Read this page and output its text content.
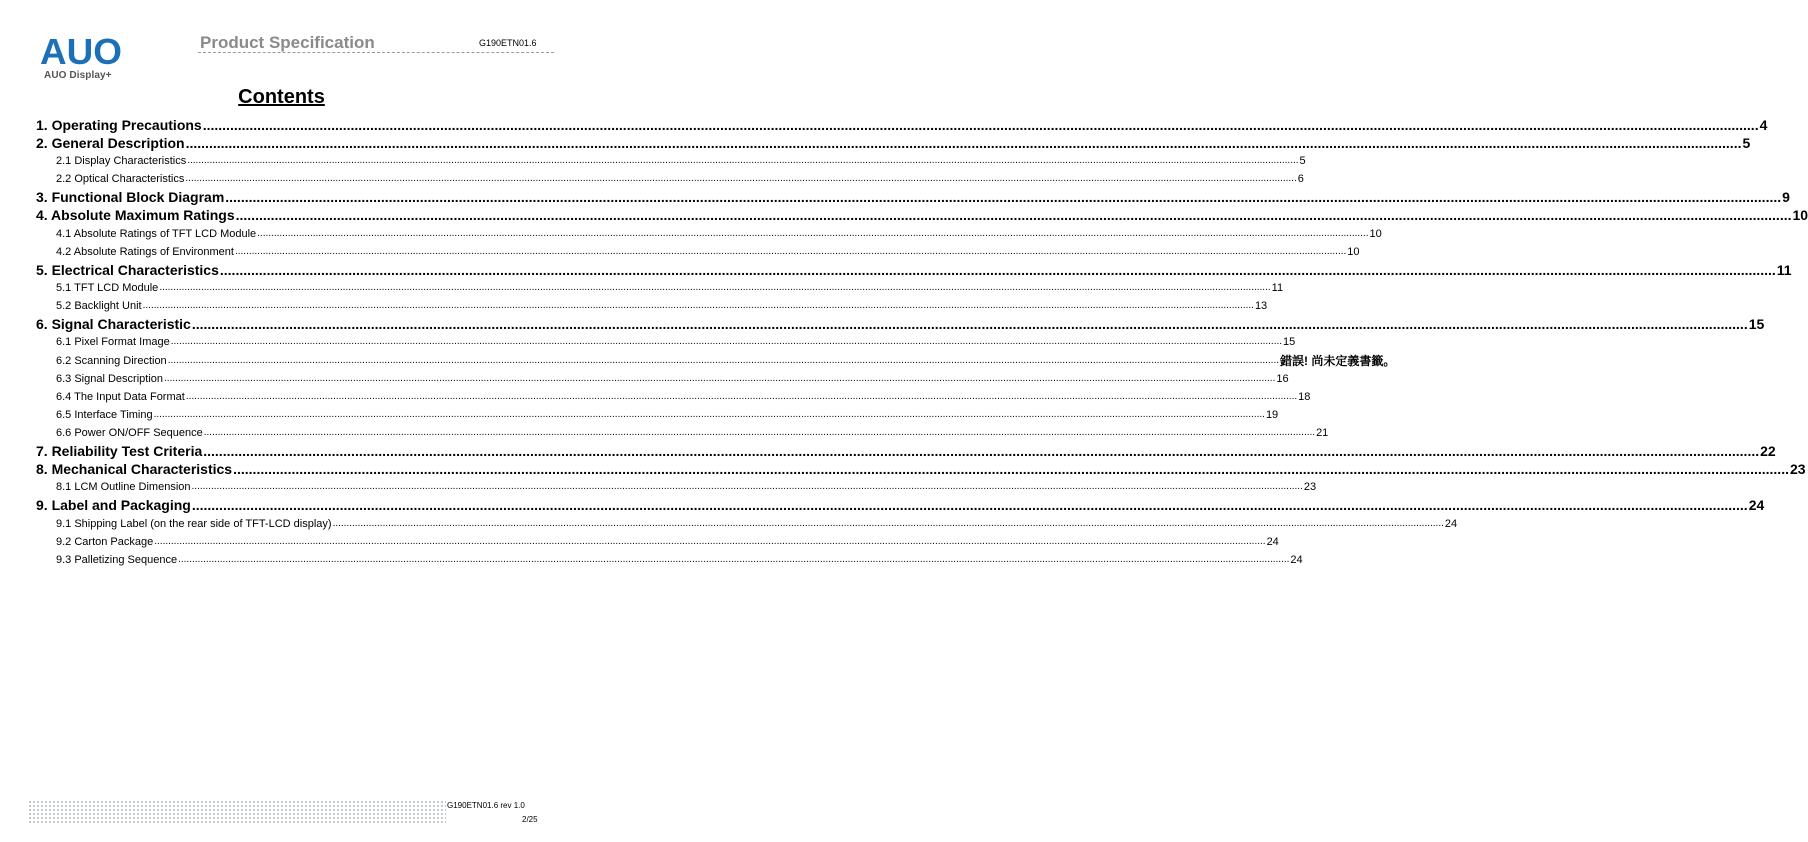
AUO
AUO Display+
Product Specification	G190ETN01.6
Contents
1. Operating Precautions ................................................................................................................................................................................................................................................................................................................................................................................................................ 4
2. General Description ................................................................................................................................................................................................................................................................................................................................................................................................................ 5
2.1 Display Characteristics ................................................................................................................................................................................................................................................................................................................................................................................................................ 5
2.2 Optical Characteristics ................................................................................................................................................................................................................................................................................................................................................................................................................ 6
3. Functional Block Diagram ................................................................................................................................................................................................................................................................................................................................................................................................................ 9
4. Absolute Maximum Ratings ................................................................................................................................................................................................................................................................................................................................................................................................................ 10
4.1 Absolute Ratings of TFT LCD Module ................................................................................................................................................................................................................................................................................................................................................................................................................ 10
4.2 Absolute Ratings of Environment ................................................................................................................................................................................................................................................................................................................................................................................................................ 10
5. Electrical Characteristics ................................................................................................................................................................................................................................................................................................................................................................................................................ 11
5.1 TFT LCD Module ................................................................................................................................................................................................................................................................................................................................................................................................................ 11
5.2 Backlight Unit ................................................................................................................................................................................................................................................................................................................................................................................................................ 13
6. Signal Characteristic ................................................................................................................................................................................................................................................................................................................................................................................................................ 15
6.1 Pixel Format Image ................................................................................................................................................................................................................................................................................................................................................................................................................ 15
6.2 Scanning Direction ................................................................................................................................................................................................................................................................................................................................................................................................................ 錯誤! 尚未定義書籤。
6.3 Signal Description ................................................................................................................................................................................................................................................................................................................................................................................................................ 16
6.4 The Input Data Format ................................................................................................................................................................................................................................................................................................................................................................................................................ 18
6.5 Interface Timing ................................................................................................................................................................................................................................................................................................................................................................................................................ 19
6.6 Power ON/OFF Sequence ................................................................................................................................................................................................................................................................................................................................................................................................................ 21
7. Reliability Test Criteria ................................................................................................................................................................................................................................................................................................................................................................................................................ 22
8. Mechanical Characteristics ................................................................................................................................................................................................................................................................................................................................................................................................................ 23
8.1 LCM Outline Dimension ................................................................................................................................................................................................................................................................................................................................................................................................................ 23
9. Label and Packaging ................................................................................................................................................................................................................................................................................................................................................................................................................ 24
9.1 Shipping Label (on the rear side of TFT-LCD display) ................................................................................................................................................................................................................................................................................................................................................................................................................ 24
9.2 Carton Package ................................................................................................................................................................................................................................................................................................................................................................................................................ 24
9.3 Palletizing Sequence ................................................................................................................................................................................................................................................................................................................................................................................................................ 24
G190ETN01.6 rev 1.0
2/25
